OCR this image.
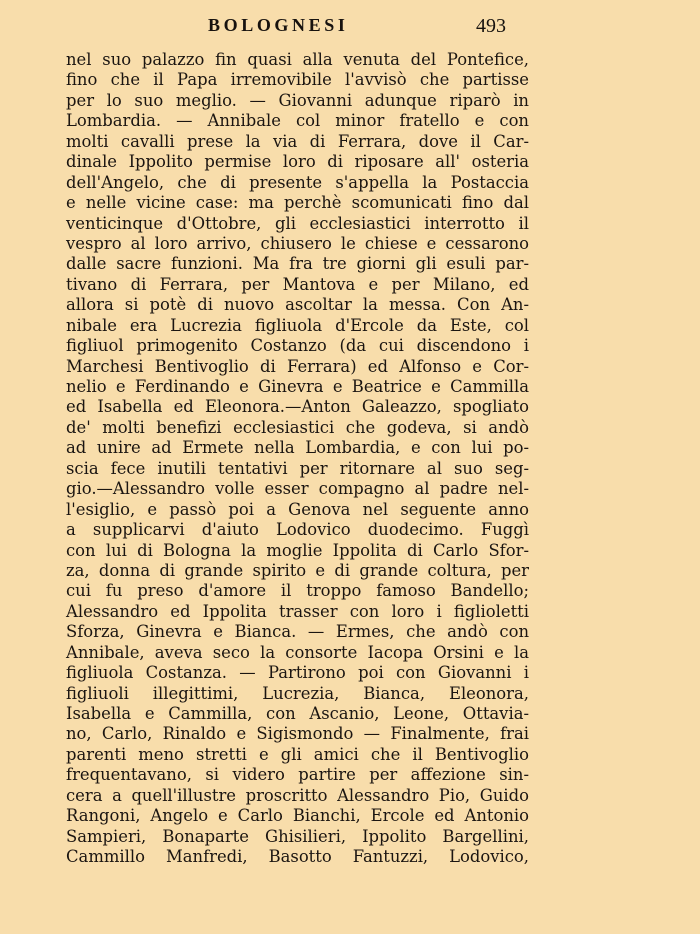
BOLOGNESI	493
nel suo palazzo fin quasi alla venuta del Pontefice,
fino che il Papa irremovibile l'avvisò che partisse
per lo suo meglio. — Giovanni adunque riparò in
Lombardia. — Annibale col minor fratello e con
molti cavalli prese la via di Ferrara, dove il Car-
dinale Ippolito permise loro di riposare all' osteria
dell'Angelo, che di presente s'appella la Postaccia
e nelle vicine case: ma perchè scomunicati fino dal
venticinque d'Ottobre, gli ecclesiastici interrotto il
vespro al loro arrivo, chiusero le chiese e cessarono
dalle sacre funzioni. Ma fra tre giorni gli esuli par-
tivano di Ferrara, per Mantova e per Milano, ed
allora si potè di nuovo ascoltar la messa. Con An-
nibale era Lucrezia figliuola d'Ercole da Este, col
figliuol primogenito Costanzo (da cui discendono i
Marchesi Bentivoglio di Ferrara) ed Alfonso e Cor-
nelio e Ferdinando e Ginevra e Beatrice e Cammilla
ed Isabella ed Eleonora.—Anton Galeazzo, spogliato
de' molti benefizi ecclesiastici che godeva, si andò
ad unire ad Ermete nella Lombardia, e con lui po-
scia fece inutili tentativi per ritornare al suo seg-
gio.—Alessandro volle esser compagno al padre nel-
l'esiglio, e passò poi a Genova nel seguente anno
a supplicarvi d'aiuto Lodovico duodecimo. Fuggì
con lui di Bologna la moglie Ippolita di Carlo Sfor-
za, donna di grande spirito e di grande coltura, per
cui fu preso d'amore il troppo famoso Bandello;
Alessandro ed Ippolita trasser con loro i figlioletti
Sforza, Ginevra e Bianca. — Ermes, che andò con
Annibale, aveva seco la consorte Iacopa Orsini e la
figliuola Costanza. — Partirono poi con Giovanni i
figliuoli illegittimi, Lucrezia, Bianca, Eleonora,
Isabella e Cammilla, con Ascanio, Leone, Ottavia-
no, Carlo, Rinaldo e Sigismondo — Finalmente, frai
parenti meno stretti e gli amici che il Bentivoglio
frequentavano, si videro partire per affezione sin-
cera a quell'illustre proscritto Alessandro Pio, Guido
Rangoni, Angelo e Carlo Bianchi, Ercole ed Antonio
Sampieri, Bonaparte Ghisilieri, Ippolito Bargellini,
Cammillo Manfredi, Basotto Fantuzzi, Lodovico,
